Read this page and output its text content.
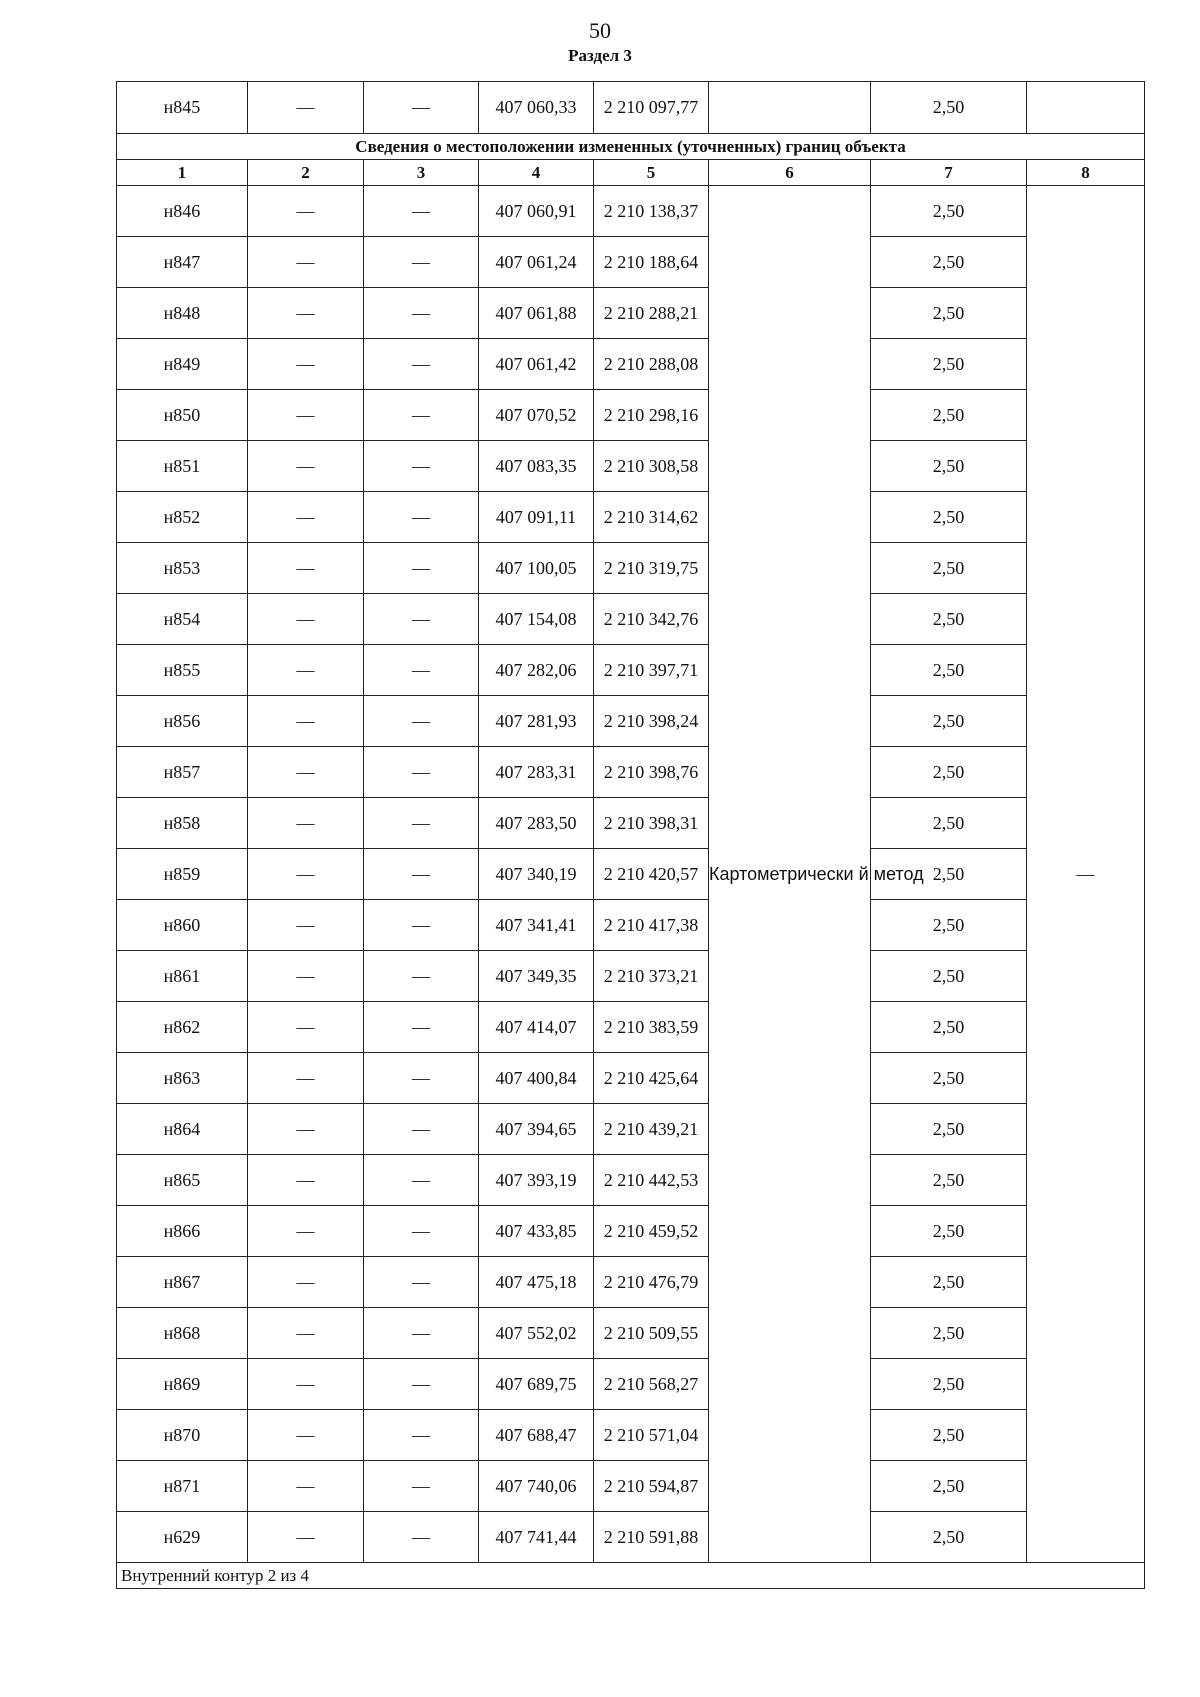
50
Раздел 3
н845	—	—	407 060,33	2 210 097,77		2,50	
Сведения о местоположении измененных (уточненных) границ объекта							
1	2	3	4	5	6	7	8
н846	—	—	407 060,91	2 210 138,37	Картометрически й метод	2,50	—
н847	—	—	407 061,24	2 210 188,64		2,50	
н848	—	—	407 061,88	2 210 288,21		2,50	
н849	—	—	407 061,42	2 210 288,08		2,50	
н850	—	—	407 070,52	2 210 298,16		2,50	
н851	—	—	407 083,35	2 210 308,58		2,50	
н852	—	—	407 091,11	2 210 314,62		2,50	
н853	—	—	407 100,05	2 210 319,75		2,50	
н854	—	—	407 154,08	2 210 342,76		2,50	
н855	—	—	407 282,06	2 210 397,71		2,50	
н856	—	—	407 281,93	2 210 398,24		2,50	
н857	—	—	407 283,31	2 210 398,76		2,50	
н858	—	—	407 283,50	2 210 398,31		2,50	
н859	—	—	407 340,19	2 210 420,57		2,50	
н860	—	—	407 341,41	2 210 417,38		2,50	
н861	—	—	407 349,35	2 210 373,21		2,50	
н862	—	—	407 414,07	2 210 383,59		2,50	
н863	—	—	407 400,84	2 210 425,64		2,50	
н864	—	—	407 394,65	2 210 439,21		2,50	
н865	—	—	407 393,19	2 210 442,53		2,50	
н866	—	—	407 433,85	2 210 459,52		2,50	
н867	—	—	407 475,18	2 210 476,79		2,50	
н868	—	—	407 552,02	2 210 509,55		2,50	
н869	—	—	407 689,75	2 210 568,27		2,50	
н870	—	—	407 688,47	2 210 571,04		2,50	
н871	—	—	407 740,06	2 210 594,87		2,50	
н629	—	—	407 741,44	2 210 591,88		2,50	
Внутренний контур 2 из 4							
